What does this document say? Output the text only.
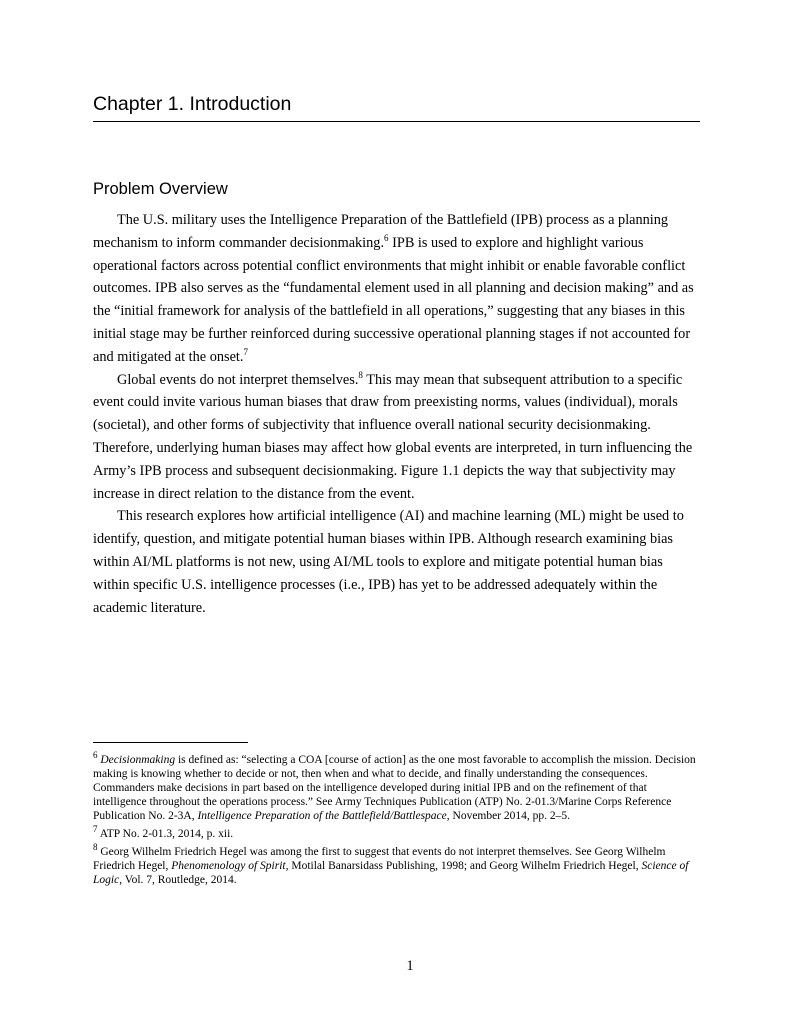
Chapter 1. Introduction
Problem Overview

The U.S. military uses the Intelligence Preparation of the Battlefield (IPB) process as a planning mechanism to inform commander decisionmaking.$^6$ IPB is used to explore and highlight various operational factors across potential conflict environments that might inhibit or enable favorable conflict outcomes. IPB also serves as the “fundamental element used in all planning and decision making” and as the “initial framework for analysis of the battlefield in all operations,” suggesting that any biases in this initial stage may be further reinforced during successive operational planning stages if not accounted for and mitigated at the onset.$^7$

Global events do not interpret themselves.$^8$ This may mean that subsequent attribution to a specific event could invite various human biases that draw from preexisting norms, values (individual), morals (societal), and other forms of subjectivity that influence overall national security decisionmaking. Therefore, underlying human biases may affect how global events are interpreted, in turn influencing the Army’s IPB process and subsequent decisionmaking. Figure 1.1 depicts the way that subjectivity may increase in direct relation to the distance from the event.

This research explores how artificial intelligence (AI) and machine learning (ML) might be used to identify, question, and mitigate potential human biases within IPB. Although research examining bias within AI/ML platforms is not new, using AI/ML tools to explore and mitigate potential human bias within specific U.S. intelligence processes (i.e., IPB) has yet to be addressed adequately within the academic literature.

$^6$ Decisionmaking is defined as: “selecting a COA [course of action] as the one most favorable to accomplish the mission. Decision making is knowing whether to decide or not, then when and what to decide, and finally understanding the consequences. Commanders make decisions in part based on the intelligence developed during initial IPB and on the refinement of that intelligence throughout the operations process.” See Army Techniques Publication (ATP) No. 2-01.3/Marine Corps Reference Publication No. 2-3A, Intelligence Preparation of the Battlefield/Battlespace, November 2014, pp. 2–5.

$^7$ ATP No. 2-01.3, 2014, p. xii.

$^8$ Georg Wilhelm Friedrich Hegel was among the first to suggest that events do not interpret themselves. See Georg Wilhelm Friedrich Hegel, Phenomenology of Spirit, Motilal Banarsidass Publishing, 1998; and Georg Wilhelm Friedrich Hegel, Science of Logic, Vol. 7, Routledge, 2014.

1
